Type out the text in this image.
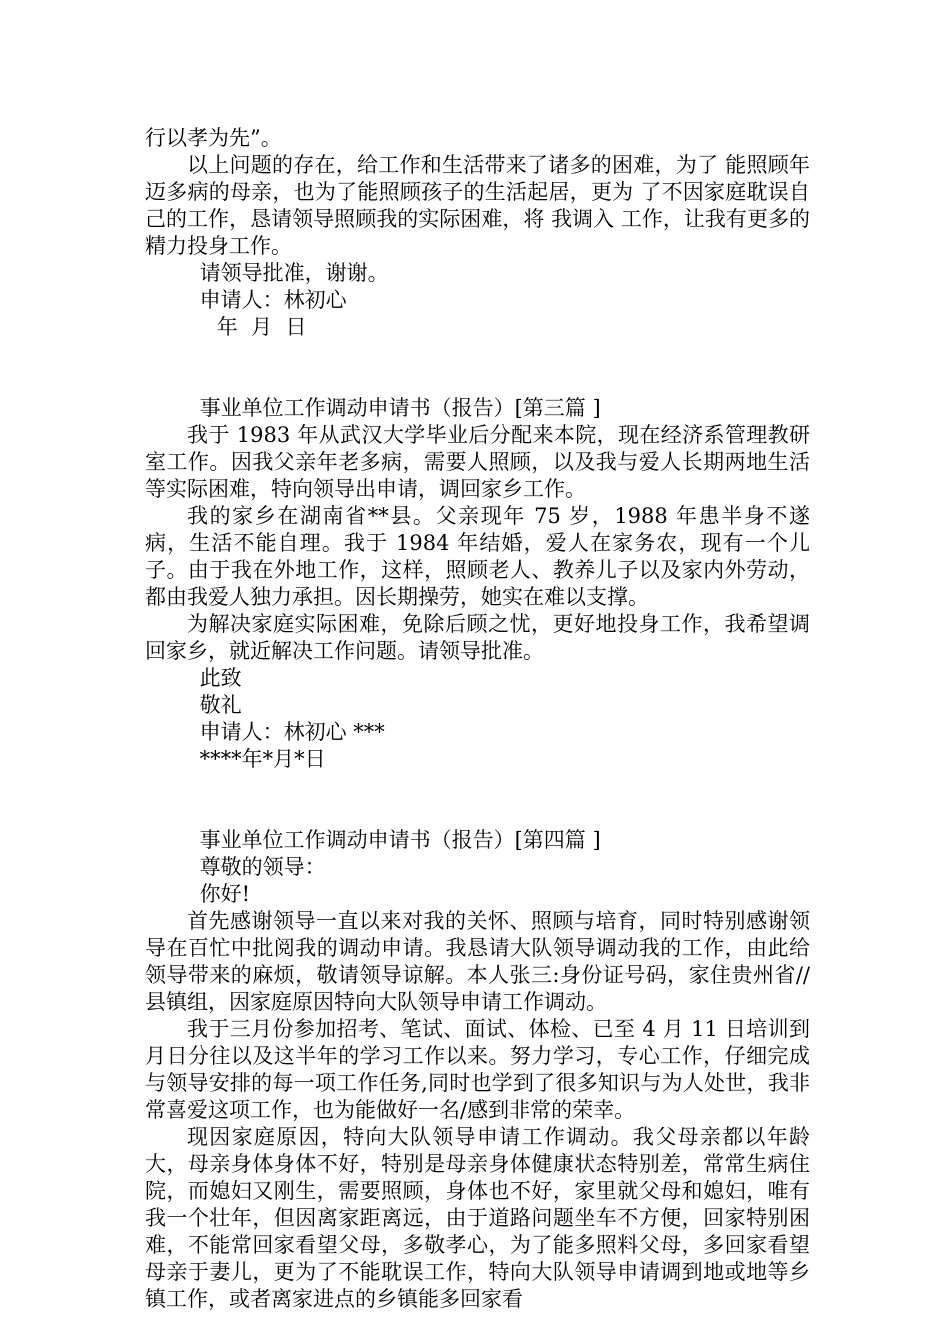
行以孝为先”。

以上问题的存在，给工作和生活带来了诸多的困难，为了 能照顾年迈多病的母亲，也为了能照顾孩子的生活起居，更为 了不因家庭耽误自己的工作，恳请领导照顾我的实际困难，将 我调入 工作，让我有更多的精力投身工作。

请领导批准，谢谢。

申请人：林初心

年  月  日

事业单位工作调动申请书（报告）[第三篇 ]

我于 1983 年从武汉大学毕业后分配来本院，现在经济系管理教研室工作。因我父亲年老多病，需要人照顾，以及我与爱人长期两地生活等实际困难，特向领导出申请，调回家乡工作。

我的家乡在湖南省**县。父亲现年 75 岁，1988 年患半身不遂病，生活不能自理。我于 1984 年结婚，爱人在家务农，现有一个儿子。由于我在外地工作，这样，照顾老人、教养儿子以及家内外劳动，都由我爱人独力承担。因长期操劳，她实在难以支撑。

为解决家庭实际困难，免除后顾之忧，更好地投身工作，我希望调回家乡，就近解决工作问题。请领导批准。

此致

敬礼

申请人：林初心 ***

****年*月*日

事业单位工作调动申请书（报告）[第四篇 ]

尊敬的领导：

你好!

首先感谢领导一直以来对我的关怀、照顾与培育，同时特别感谢领导在百忙中批阅我的调动申请。我恳请大队领导调动我的工作，由此给领导带来的麻烦，敬请领导谅解。本人张三:身份证号码，家住贵州省//县镇组，因家庭原因特向大队领导申请工作调动。

我于三月份参加招考、笔试、面试、体检、已至 4 月 11 日培训到月日分往以及这半年的学习工作以来。努力学习，专心工作，仔细完成与领导安排的每一项工作任务,同时也学到了很多知识与为人处世，我非常喜爱这项工作，也为能做好一名/感到非常的荣幸。

现因家庭原因，特向大队领导申请工作调动。我父母亲都以年龄大，母亲身体身体不好，特别是母亲身体健康状态特别差，常常生病住院，而媳妇又刚生，需要照顾，身体也不好，家里就父母和媳妇，唯有我一个壮年，但因离家距离远，由于道路问题坐车不方便，回家特别困难，不能常回家看望父母，多敬孝心，为了能多照料父母，多回家看望母亲于妻儿，更为了不能耽误工作，特向大队领导申请调到地或地等乡镇工作，或者离家进点的乡镇能多回家看
